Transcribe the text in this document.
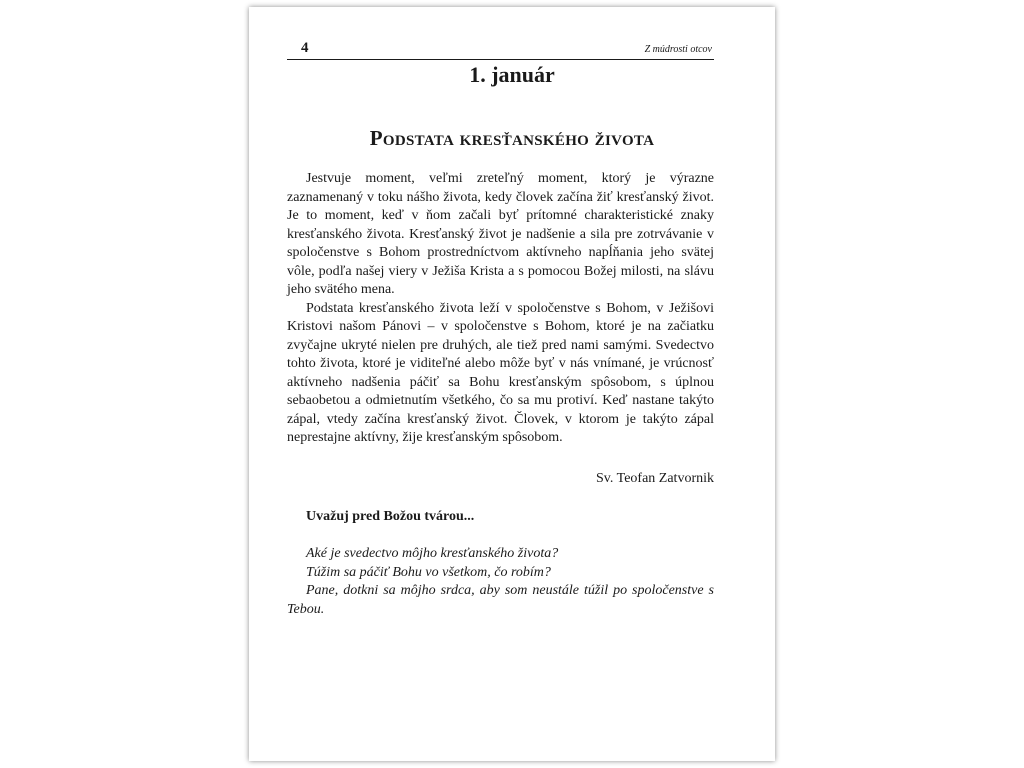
4	Z múdrosti otcov
1. január
Podstata kresťanského života

Jestvuje moment, veľmi zreteľný moment, ktorý je výrazne zaznamenaný v toku nášho života, kedy človek začína žiť kresťanský život. Je to moment, keď v ňom začali byť prítomné charakteristické znaky kresťanského života. Kresťanský život je nadšenie a sila pre zotrvávanie v spoločenstve s Bohom prostredníctvom aktívneho napĺňania jeho svätej vôle, podľa našej viery v Ježiša Krista a s pomocou Božej milosti, na slávu jeho svätého mena.

Podstata kresťanského života leží v spoločenstve s Bohom, v Ježišovi Kristovi našom Pánovi – v spoločenstve s Bohom, ktoré je na začiatku zvyčajne ukryté nielen pre druhých, ale tiež pred nami samými. Svedectvo tohto života, ktoré je viditeľné alebo môže byť v nás vnímané, je vrúcnosť aktívneho nadšenia páčiť sa Bohu kresťanským spôsobom, s úplnou sebaobetou a odmietnutím všetkého, čo sa mu protiví. Keď nastane takýto zápal, vtedy začína kresťanský život. Človek, v ktorom je takýto zápal neprestajne aktívny, žije kresťanským spôsobom.

Sv. Teofan Zatvornik
Uvažuj pred Božou tvárou...

Aké je svedectvo môjho kresťanského života?

Túžim sa páčiť Bohu vo všetkom, čo robím?

Pane, dotkni sa môjho srdca, aby som neustále túžil po spoločenstve s Tebou.
